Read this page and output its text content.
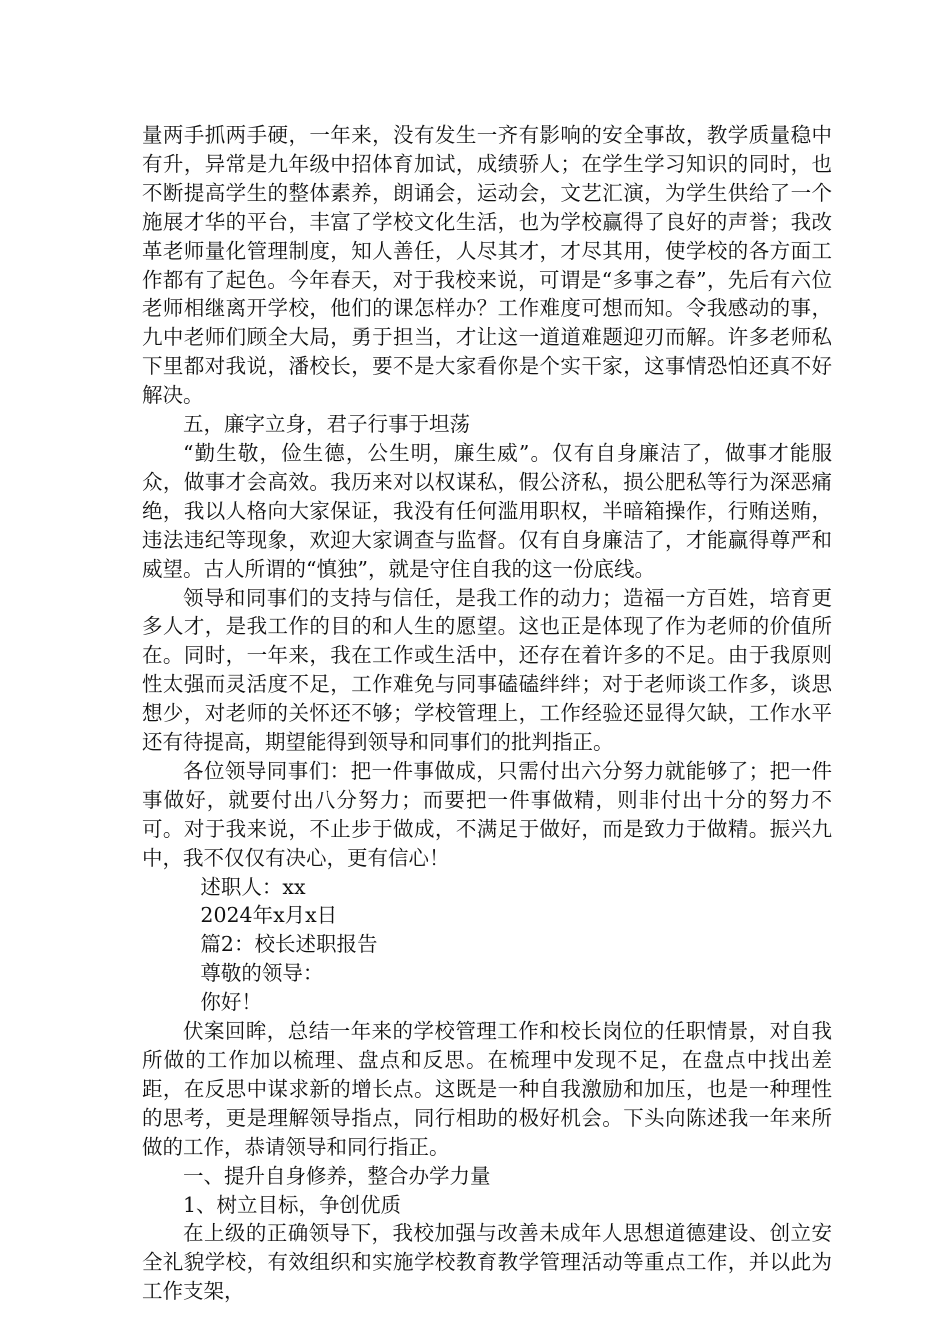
量两手抓两手硬，一年来，没有发生一齐有影响的安全事故，教学质量稳中有升，异常是九年级中招体育加试，成绩骄人；在学生学习知识的同时，也不断提高学生的整体素养，朗诵会，运动会，文艺汇演，为学生供给了一个施展才华的平台，丰富了学校文化生活，也为学校赢得了良好的声誉；我改革老师量化管理制度，知人善任，人尽其才，才尽其用，使学校的各方面工作都有了起色。今年春天，对于我校来说，可谓是“多事之春”，先后有六位老师相继离开学校，他们的课怎样办？工作难度可想而知。令我感动的事，九中老师们顾全大局，勇于担当，才让这一道道难题迎刃而解。许多老师私下里都对我说，潘校长，要不是大家看你是个实干家，这事情恐怕还真不好解决。

五，廉字立身，君子行事于坦荡

“勤生敬，俭生德，公生明，廉生威”。仅有自身廉洁了，做事才能服众，做事才会高效。我历来对以权谋私，假公济私，损公肥私等行为深恶痛绝，我以人格向大家保证，我没有任何滥用职权，半暗箱操作，行贿送贿，违法违纪等现象，欢迎大家调查与监督。仅有自身廉洁了，才能赢得尊严和威望。古人所谓的“慎独”，就是守住自我的这一份底线。

领导和同事们的支持与信任，是我工作的动力；造福一方百姓，培育更多人才，是我工作的目的和人生的愿望。这也正是体现了作为老师的价值所在。同时，一年来，我在工作或生活中，还存在着许多的不足。由于我原则性太强而灵活度不足，工作难免与同事磕磕绊绊；对于老师谈工作多，谈思想少，对老师的关怀还不够；学校管理上，工作经验还显得欠缺，工作水平还有待提高，期望能得到领导和同事们的批判指正。

各位领导同事们：把一件事做成，只需付出六分努力就能够了；把一件事做好，就要付出八分努力；而要把一件事做精，则非付出十分的努力不可。对于我来说，不止步于做成，不满足于做好，而是致力于做精。振兴九中，我不仅仅有决心，更有信心！

述职人：xx

2024年x月x日

篇2：校长述职报告

尊敬的领导：

你好！

伏案回眸，总结一年来的学校管理工作和校长岗位的任职情景，对自我所做的工作加以梳理、盘点和反思。在梳理中发现不足，在盘点中找出差距，在反思中谋求新的增长点。这既是一种自我激励和加压，也是一种理性的思考，更是理解领导指点，同行相助的极好机会。下头向陈述我一年来所做的工作，恭请领导和同行指正。

一、提升自身修养，整合办学力量

1、树立目标，争创优质

在上级的正确领导下，我校加强与改善未成年人思想道德建设、创立安全礼貌学校，有效组织和实施学校教育教学管理活动等重点工作，并以此为工作支架，
